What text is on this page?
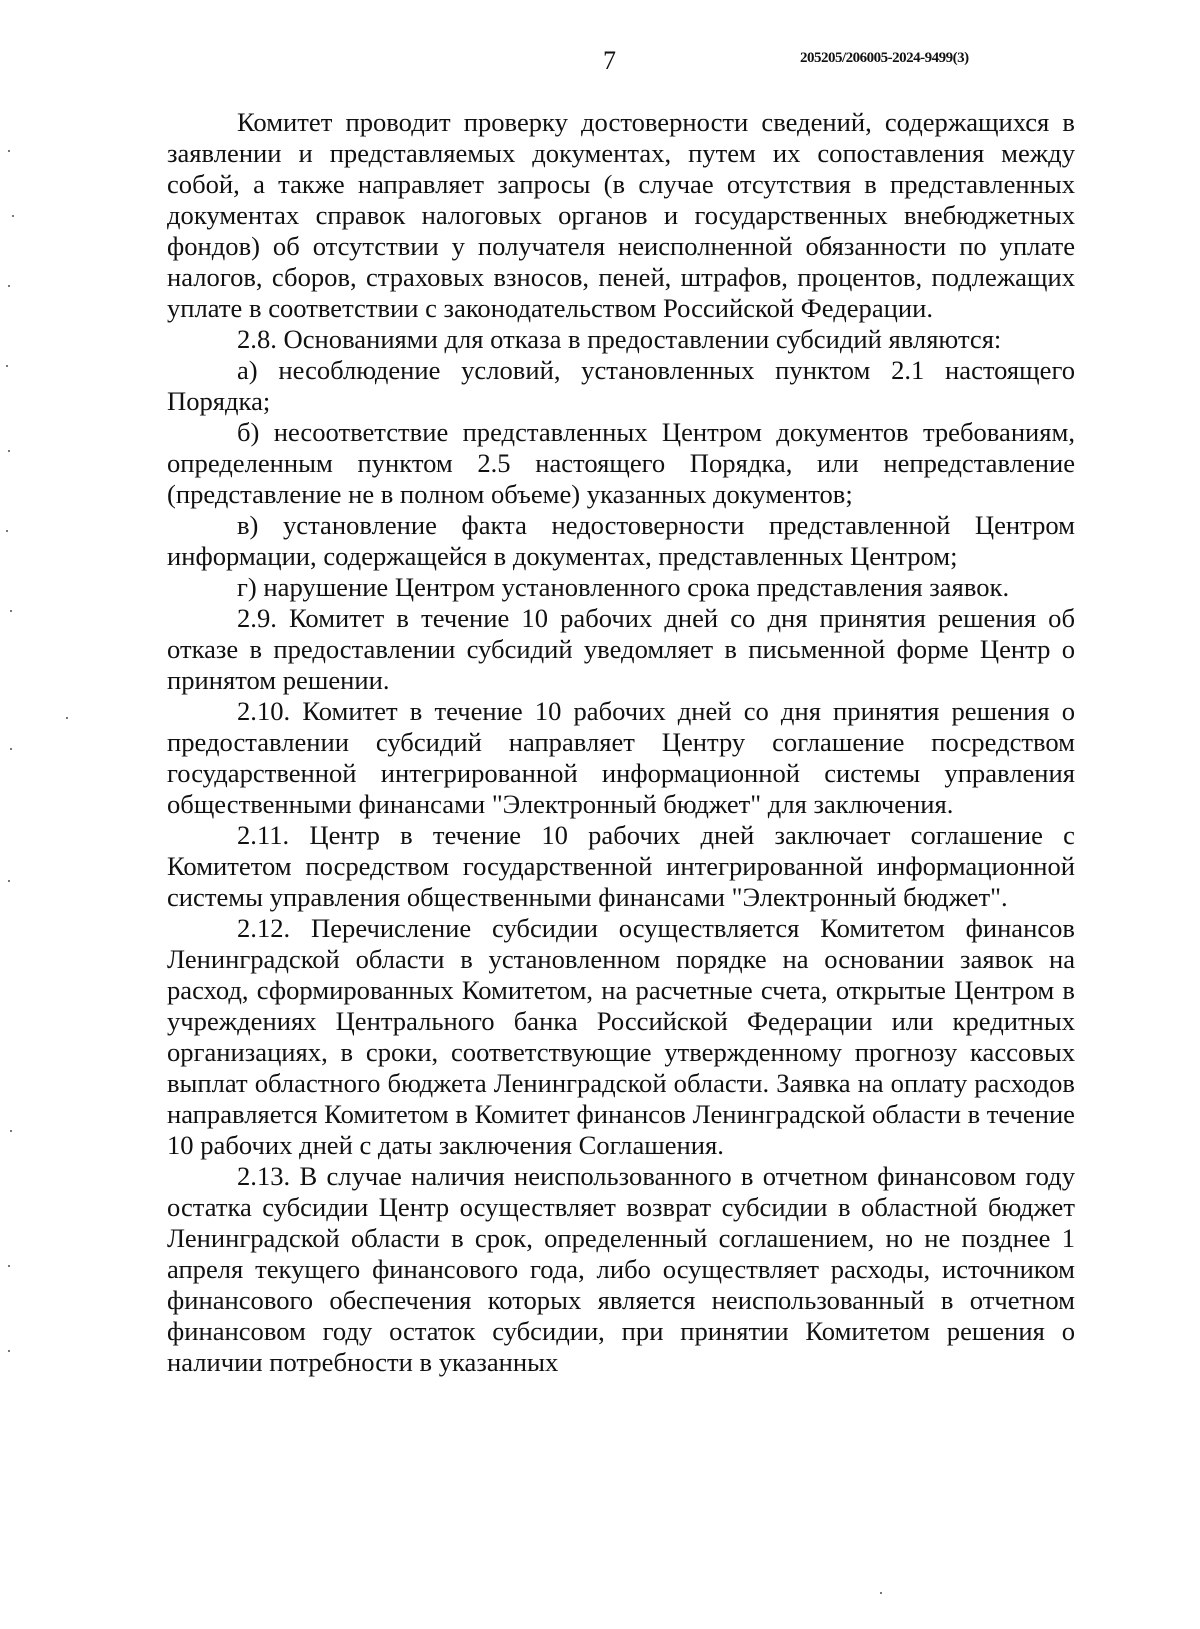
7	205205/206005-2024-9499(3)

Комитет проводит проверку достоверности сведений, содержащихся в заявлении и представляемых документах, путем их сопоставления между собой, а также направляет запросы (в случае отсутствия в представленных документах справок налоговых органов и государственных внебюджетных фондов) об отсутствии у получателя неисполненной обязанности по уплате налогов, сборов, страховых взносов, пеней, штрафов, процентов, подлежащих уплате в соответствии с законодательством Российской Федерации.

2.8. Основаниями для отказа в предоставлении субсидий являются:

а) несоблюдение условий, установленных пунктом 2.1 настоящего Порядка;

б) несоответствие представленных Центром документов требованиям, определенным пунктом 2.5 настоящего Порядка, или непредставление (представление не в полном объеме) указанных документов;

в) установление факта недостоверности представленной Центром информации, содержащейся в документах, представленных Центром;

г) нарушение Центром установленного срока представления заявок.

2.9. Комитет в течение 10 рабочих дней со дня принятия решения об отказе в предоставлении субсидий уведомляет в письменной форме Центр о принятом решении.

2.10. Комитет в течение 10 рабочих дней со дня принятия решения о предоставлении субсидий направляет Центру соглашение посредством государственной интегрированной информационной системы управления общественными финансами "Электронный бюджет" для заключения.

2.11. Центр в течение 10 рабочих дней заключает соглашение с Комитетом посредством государственной интегрированной информационной системы управления общественными финансами "Электронный бюджет".

2.12. Перечисление субсидии осуществляется Комитетом финансов Ленинградской области в установленном порядке на основании заявок на расход, сформированных Комитетом, на расчетные счета, открытые Центром в учреждениях Центрального банка Российской Федерации или кредитных организациях, в сроки, соответствующие утвержденному прогнозу кассовых выплат областного бюджета Ленинградской области. Заявка на оплату расходов направляется Комитетом в Комитет финансов Ленинградской области в течение 10 рабочих дней с даты заключения Соглашения.

2.13. В случае наличия неиспользованного в отчетном финансовом году остатка субсидии Центр осуществляет возврат субсидии в областной бюджет Ленинградской области в срок, определенный соглашением, но не позднее 1 апреля текущего финансового года, либо осуществляет расходы, источником финансового обеспечения которых является неиспользованный в отчетном финансовом году остаток субсидии, при принятии Комитетом решения о наличии потребности в указанных
